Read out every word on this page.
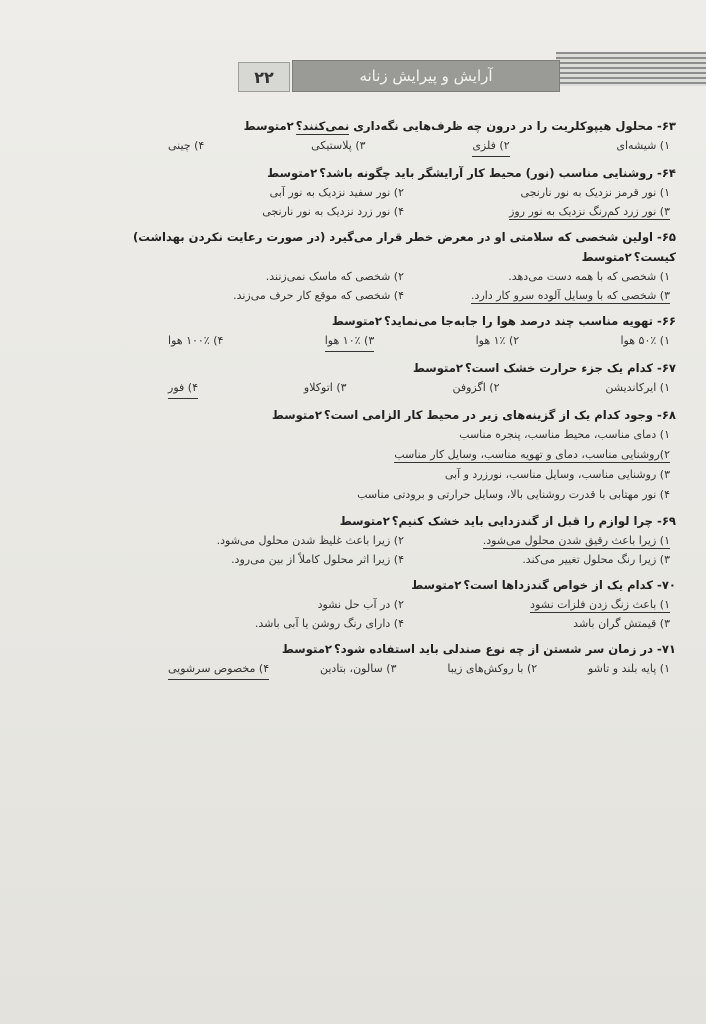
۲۲	آرایش و پیرایش زنانه
۶۳-محلول هیپوکلریت را در درون چه ظرف‌هایی نگه‌داری نمی‌کنند؟۲متوسط
۱) شیشه‌ای
۲) فلزی
۳) پلاستیکی
۴) چینی
۶۴-روشنایی مناسب (نور) محیط کار آرایشگر باید چگونه باشد؟۲متوسط
۱) نور قرمز نزدیک به نور نارنجی
۲) نور سفید نزدیک به نور آبی
۳) نور زرد کم‌رنگ نزدیک به نور روز
۴) نور زرد نزدیک به نور نارنجی
۶۵-اولین شخصی که سلامتی او در معرض خطر قرار می‌گیرد (در صورت رعایت نکردن بهداشت) کیست؟۲متوسط
۱) شخصی که با همه دست می‌دهد.
۲) شخصی که ماسک نمی‌زنند.
۳) شخصی که با وسایل آلوده سرو کار دارد.
۴) شخصی که موقع کار حرف می‌زند.
۶۶-تهویه مناسب چند درصد هوا را جابه‌جا می‌نماید؟۲متوسط
۱) ۵۰٪ هوا
۲) ۱٪ هوا
۳) ۱۰٪ هوا
۴) ۱۰۰٪ هوا
۶۷-کدام یک جزء حرارت خشک است؟۲متوسط
۱) ایرکاندیشن
۲) اگزوفن
۳) اتوکلاو
۴) فور
۶۸-وجود کدام یک از گزینه‌های زیر در محیط کار الزامی است؟۲متوسط
۱) دمای مناسب، محیط مناسب، پنجره مناسب
۲)روشنایی مناسب، دمای و تهویه مناسب، وسایل کار مناسب
۳) روشنایی مناسب، وسایل مناسب، نورزرد و آبی
۴) نور مهتابی با قدرت روشنایی بالا، وسایل حرارتی و برودتی مناسب
۶۹-چرا لوازم را قبل از گندزدایی باید خشک کنیم؟۲متوسط
۱) زیرا باعث رقیق شدن محلول می‌شود.
۲) زیرا باعث غلیظ شدن محلول می‌شود.
۳) زیرا رنگ محلول تغییر می‌کند.
۴) زیرا اثر محلول کاملاً از بین می‌رود.
۷۰-کدام یک از خواص گندزداها است؟۲متوسط
۱) باعث زنگ زدن فلزات نشود
۲) در آب حل نشود
۳) قیمتش گران باشد
۴) دارای رنگ روشن یا آبی باشد.
۷۱-در زمان سر شستن از چه نوع صندلی باید استفاده شود؟۲متوسط
۱) پایه بلند و تاشو
۲) با روکش‌های زیبا
۳) سالون، بتادین
۴) مخصوص سرشویی
